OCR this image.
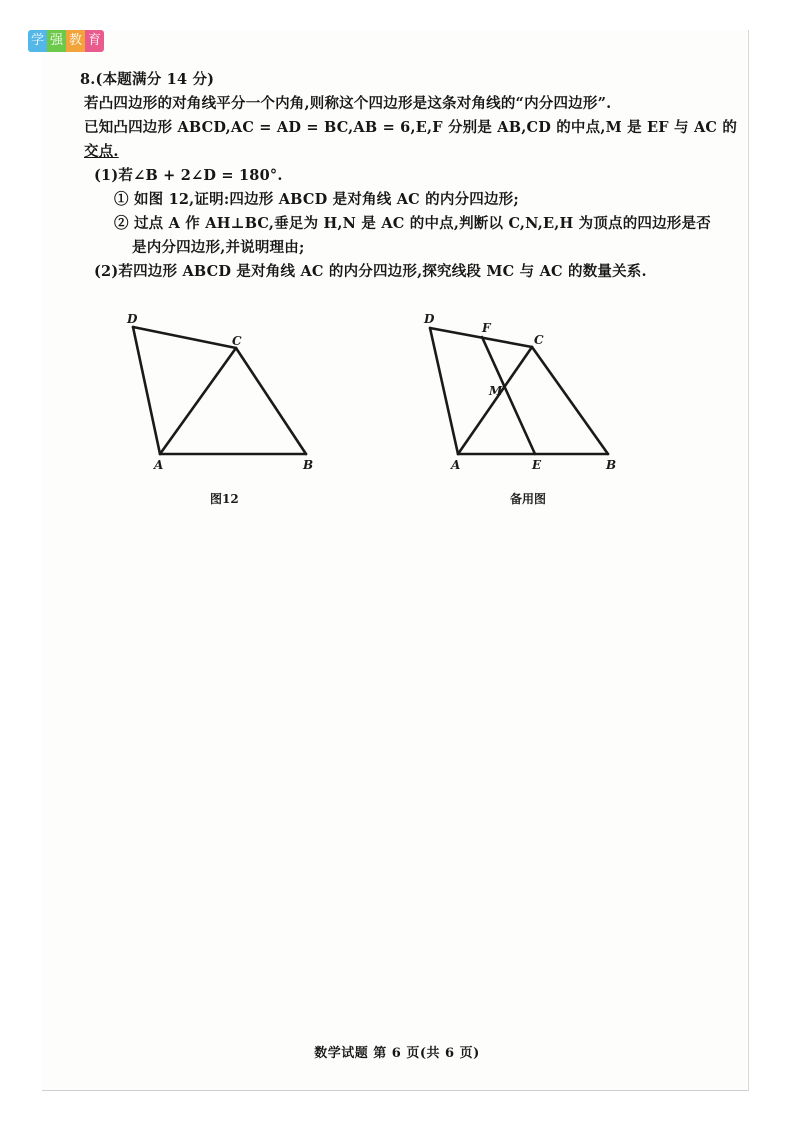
学 强 教 育

8.(本题满分 14 分)

若凸四边形的对角线平分一个内角,则称这个四边形是这条对角线的“内分四边形”.

已知凸四边形 ABCD,AC = AD = BC,AB = 6,E,F 分别是 AB,CD 的中点,M 是 EF 与 AC 的

交点.

(1)若∠B + 2∠D = 180°.

① 如图 12,证明:四边形 ABCD 是对角线 AC 的内分四边形;

② 过点 A 作 AH⊥BC,垂足为 H,N 是 AC 的中点,判断以 C,N,E,H 为顶点的四边形是否

是内分四边形,并说明理由;

(2)若四边形 ABCD 是对角线 AC 的内分四边形,探究线段 MC 与 AC 的数量关系.

D
C
A	B
D
F
C
M
A	E	B
图12	备用图
数学试题 第 6 页(共 6 页)
